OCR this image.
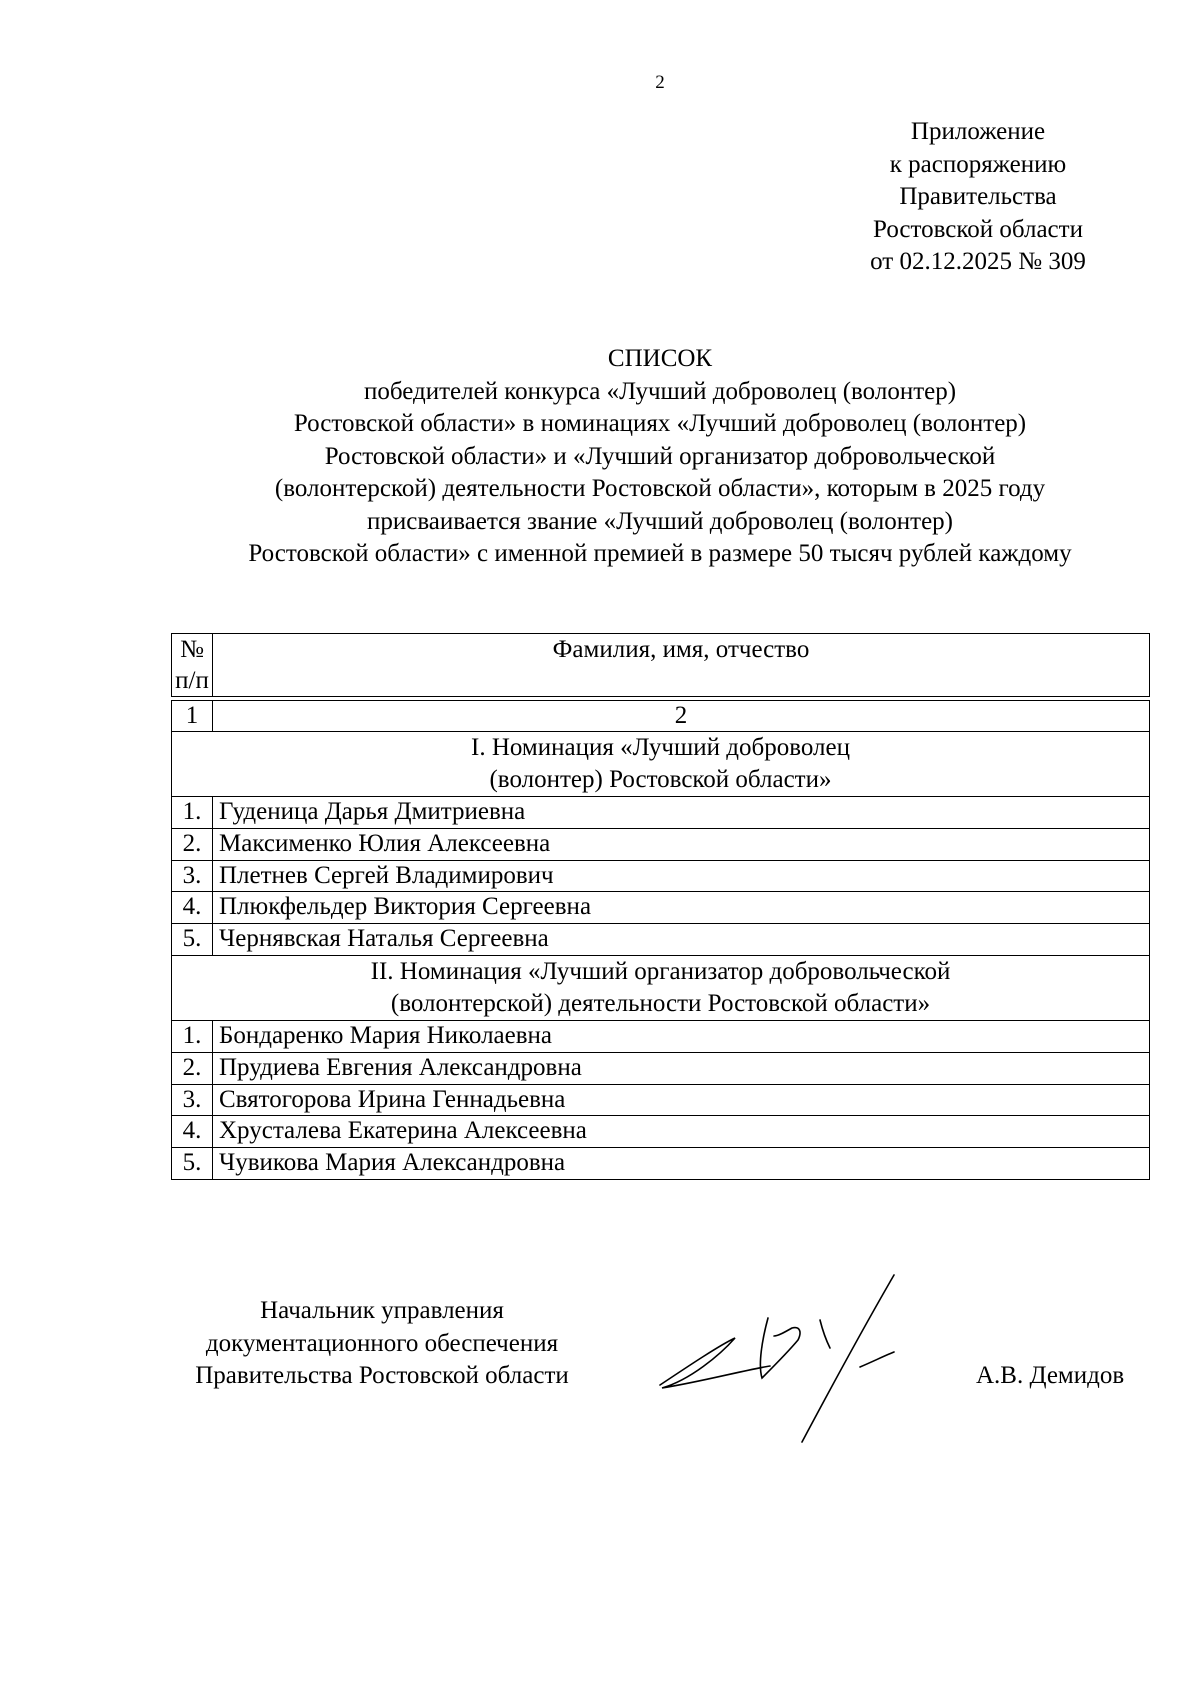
2
Приложение
к распоряжению
Правительства
Ростовской области
от 02.12.2025 № 309
СПИСОК
победителей конкурса «Лучший доброволец (волонтер)
Ростовской области» в номинациях «Лучший доброволец (волонтер)
Ростовской области» и «Лучший организатор добровольческой
(волонтерской) деятельности Ростовской области», которым в 2025 году
присваивается звание «Лучший доброволец (волонтер)
Ростовской области» с именной премией в размере 50 тысяч рублей каждому
№
п/п	Фамилия, имя, отчество

1	2
I. Номинация «Лучший доброволец
(волонтер) Ростовской области»	
1.	Гуденица Дарья Дмитриевна
2.	Максименко Юлия Алексеевна
3.	Плетнев Сергей Владимирович
4.	Плюкфельдер Виктория Сергеевна
5.	Чернявская Наталья Сергеевна
II. Номинация «Лучший организатор добровольческой
(волонтерской) деятельности Ростовской области»	
1.	Бондаренко Мария Николаевна
2.	Прудиева Евгения Александровна
3.	Святогорова Ирина Геннадьевна
4.	Хрусталева Екатерина Алексеевна
5.	Чувикова Мария Александровна
Начальник управления
документационного обеспечения
Правительства Ростовской области	А.В. Демидов
